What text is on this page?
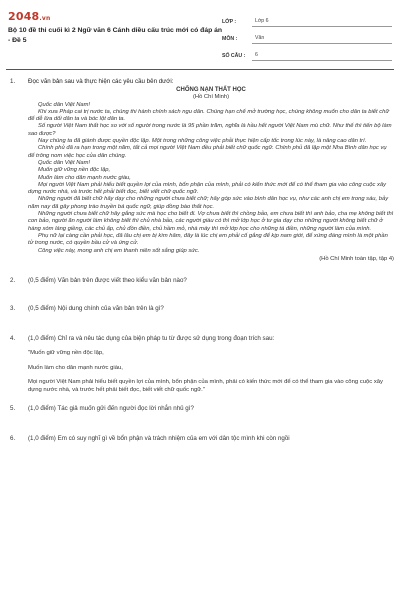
2048.vn
Bộ 10 đề thi cuối kì 2 Ngữ văn 6 Cánh diều cấu trúc mới có đáp án - Đề 5
LỚP :	Lớp 6
MÔN :	Văn
SỐ CÂU :	6
1. Đọc văn bản sau và thực hiện các yêu cầu bên dưới:
CHỐNG NẠN THẤT HỌC
(Hồ Chí Minh)

Quốc dân Việt Nam!

Khi xưa Pháp cai trị nước ta, chúng thi hành chính sách ngu dân. Chúng hạn chế mở trường học, chúng không muốn cho dân ta biết chữ để dễ lừa dối dân ta và bóc lột dân ta.

Số người Việt Nam thất học so với số người trong nước là 95 phần trăm, nghĩa là hầu hết người Việt Nam mù chữ. Như thế thì tiến bộ làm sao được?

Nay chúng ta đã giành được quyền độc lập. Một trong những công việc phải thực hiện cấp tốc trong lúc này, là nâng cao dân trí.

Chính phủ đã ra hạn trong một năm, tất cả mọi người Việt Nam đều phải biết chữ quốc ngữ. Chính phủ đã lập một Nha Bình dân học vụ để trông nom việc học của dân chúng.

Quốc dân Việt Nam!

Muốn giữ vững nền độc lập,

Muốn làm cho dân mạnh nước giàu,

Mọi người Việt Nam phải hiểu biết quyền lợi của mình, bổn phận của mình, phải có kiến thức mới để có thể tham gia vào công cuộc xây dựng nước nhà, và trước hết phải biết đọc, biết viết chữ quốc ngữ.

Những người đã biết chữ hãy dạy cho những người chưa biết chữ; hãy góp sức vào bình dân học vụ, như các anh chị em trong sáu, bảy năm nay đã gây phong trào truyền bá quốc ngữ, giúp đồng bào thất học.

Những người chưa biết chữ hãy gắng sức mà học cho biết đi. Vợ chưa biết thì chồng bảo, em chưa biết thì anh bảo, cha mẹ không biết thì con bảo, người ăn người làm không biết thì chủ nhà bảo, các người giàu có thì mở lớp học ở tư gia dạy cho những người không biết chữ ở hàng xóm láng giềng, các chủ ấp, chủ đồn điền, chủ hầm mỏ, nhà máy thì mở lớp học cho những tá điền, những người làm của mình.

Phụ nữ lại càng cần phải học, đã lâu chị em bị kìm hãm, đây là lúc chị em phải cố gắng để kịp nam giới, để xứng đáng mình là một phần tử trong nước, có quyền bầu cử và ứng cử.

Công việc này, mong anh chị em thanh niên sốt sắng giúp sức.

(Hồ Chí Minh toàn tập, tập 4)
2. (0,5 điểm) Văn bản trên được viết theo kiểu văn bản nào?
3. (0,5 điểm) Nội dung chính của văn bản trên là gì?
4. (1,0 điểm) Chỉ ra và nêu tác dụng của biện pháp tu từ được sử dụng trong đoạn trích sau:

"Muốn giữ vững nền độc lập,

Muốn làm cho dân mạnh nước giàu,

Mọi người Việt Nam phải hiểu biết quyền lợi của mình, bổn phận của mình, phải có kiến thức mới để có thể tham gia vào công cuộc xây dựng nước nhà, và trước hết phải biết đọc, biết viết chữ quốc ngữ."

5. (1,0 điểm) Tác giả muốn gửi đến người đọc lời nhắn nhủ gì?
6. (1,0 điểm) Em có suy nghĩ gì về bổn phận và trách nhiệm của em với dân tộc mình khi còn ngồi
